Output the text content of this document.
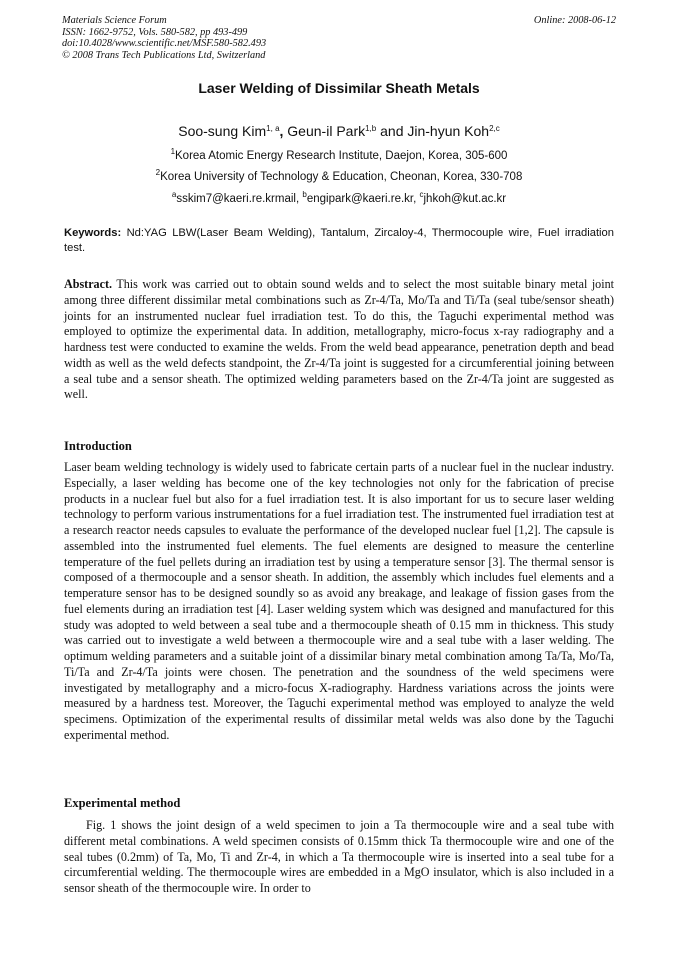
Materials Science Forum
ISSN: 1662-9752, Vols. 580-582, pp 493-499
doi:10.4028/www.scientific.net/MSF.580-582.493
© 2008 Trans Tech Publications Ltd, Switzerland
Online: 2008-06-12
Laser Welding of Dissimilar Sheath Metals
Soo-sung Kim$^{1, a}$, Geun-il Park$^{1,b}$ and Jin-hyun Koh$^{2,c}$
$^1$Korea Atomic Energy Research Institute, Daejon, Korea, 305-600
$^2$Korea University of Technology & Education, Cheonan, Korea, 330-708
$^a$sskim7@kaeri.re.krmail, $^b$engipark@kaeri.re.kr, $^c$jhkoh@kut.ac.kr
Keywords: Nd:YAG LBW(Laser Beam Welding), Tantalum, Zircaloy-4, Thermocouple wire, Fuel irradiation test.
Abstract. This work was carried out to obtain sound welds and to select the most suitable binary metal joint among three different dissimilar metal combinations such as Zr-4/Ta, Mo/Ta and Ti/Ta (seal tube/sensor sheath) joints for an instrumented nuclear fuel irradiation test. To do this, the Taguchi experimental method was employed to optimize the experimental data. In addition, metallography, micro-focus x-ray radiography and a hardness test were conducted to examine the welds. From the weld bead appearance, penetration depth and bead width as well as the weld defects standpoint, the Zr-4/Ta joint is suggested for a circumferential joining between a seal tube and a sensor sheath. The optimized welding parameters based on the Zr-4/Ta joint are suggested as well.
Introduction
Laser beam welding technology is widely used to fabricate certain parts of a nuclear fuel in the nuclear industry. Especially, a laser welding has become one of the key technologies not only for the fabrication of precise products in a nuclear fuel but also for a fuel irradiation test. It is also important for us to secure laser welding technology to perform various instrumentations for a fuel irradiation test. The instrumented fuel irradiation test at a research reactor needs capsules to evaluate the performance of the developed nuclear fuel [1,2]. The capsule is assembled into the instrumented fuel elements. The fuel elements are designed to measure the centerline temperature of the fuel pellets during an irradiation test by using a temperature sensor [3]. The thermal sensor is composed of a thermocouple and a sensor sheath. In addition, the assembly which includes fuel elements and a temperature sensor has to be designed soundly so as avoid any breakage, and leakage of fission gases from the fuel elements during an irradiation test [4]. Laser welding system which was designed and manufactured for this study was adopted to weld between a seal tube and a thermocouple sheath of 0.15 mm in thickness. This study was carried out to investigate a weld between a thermocouple wire and a seal tube with a laser welding. The optimum welding parameters and a suitable joint of a dissimilar binary metal combination among Ta/Ta, Mo/Ta, Ti/Ta and Zr-4/Ta joints were chosen. The penetration and the soundness of the weld specimens were investigated by metallography and a micro-focus X-radiography. Hardness variations across the joints were measured by a hardness test. Moreover, the Taguchi experimental method was employed to analyze the weld specimens. Optimization of the experimental results of dissimilar metal welds was also done by the Taguchi experimental method.
Experimental method
Fig. 1 shows the joint design of a weld specimen to join a Ta thermocouple wire and a seal tube with different metal combinations. A weld specimen consists of 0.15mm thick Ta thermocouple wire and one of the seal tubes (0.2mm) of Ta, Mo, Ti and Zr-4, in which a Ta thermocouple wire is inserted into a seal tube for a circumferential welding. The thermocouple wires are embedded in a MgO insulator, which is also included in a sensor sheath of the thermocouple wire. In order to
